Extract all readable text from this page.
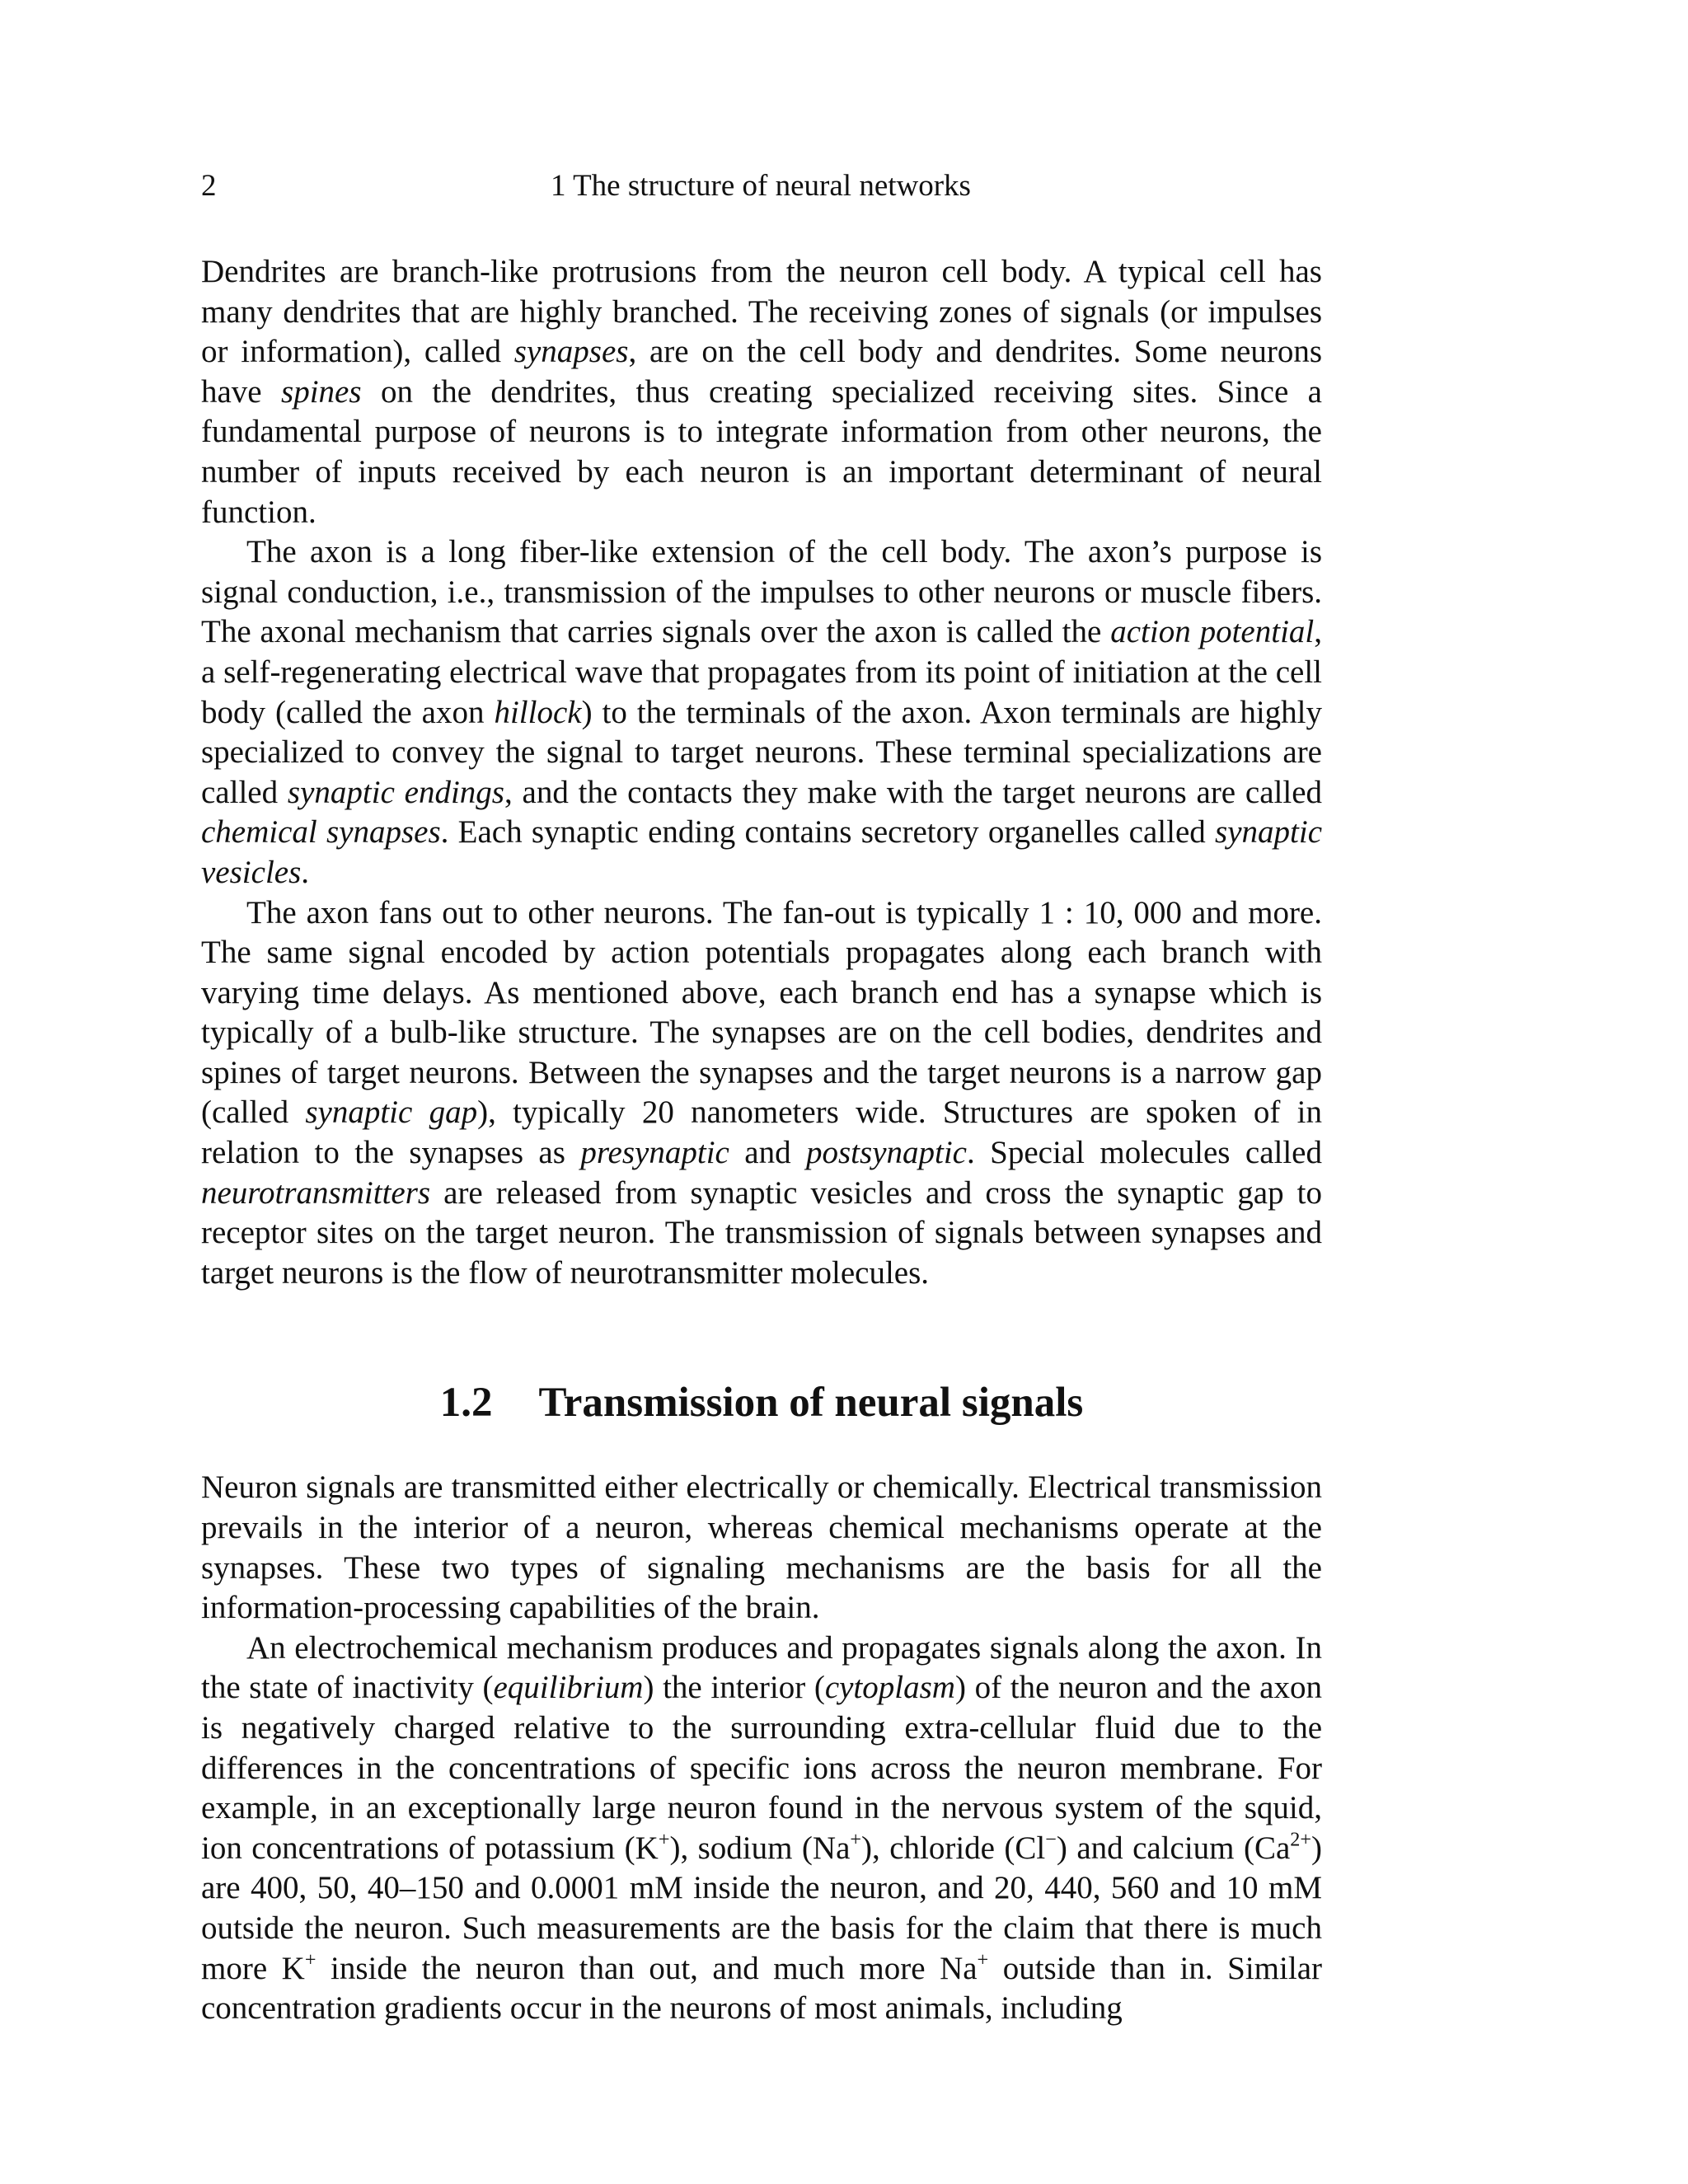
2	1 The structure of neural networks

Dendrites are branch-like protrusions from the neuron cell body. A typical cell has many dendrites that are highly branched. The receiving zones of signals (or impulses or information), called synapses, are on the cell body and dendrites. Some neurons have spines on the dendrites, thus creating specialized receiving sites. Since a fundamental purpose of neurons is to integrate information from other neurons, the number of inputs received by each neuron is an important determinant of neural function.

The axon is a long fiber-like extension of the cell body. The axon’s purpose is signal conduction, i.e., transmission of the impulses to other neurons or muscle fibers. The axonal mechanism that carries signals over the axon is called the action potential, a self-regenerating electrical wave that propagates from its point of initiation at the cell body (called the axon hillock) to the terminals of the axon. Axon terminals are highly specialized to convey the signal to target neurons. These terminal specializations are called synaptic endings, and the contacts they make with the target neurons are called chemical synapses. Each synaptic ending contains secretory organelles called synaptic vesicles.

The axon fans out to other neurons. The fan-out is typically 1 : 10, 000 and more. The same signal encoded by action potentials propagates along each branch with varying time delays. As mentioned above, each branch end has a synapse which is typically of a bulb-like structure. The synapses are on the cell bodies, dendrites and spines of target neurons. Between the synapses and the target neurons is a narrow gap (called synaptic gap), typically 20 nanometers wide. Structures are spoken of in relation to the synapses as presynaptic and postsynaptic. Special molecules called neurotransmitters are released from synaptic vesicles and cross the synaptic gap to receptor sites on the target neuron. The transmission of signals between synapses and target neurons is the flow of neurotransmitter molecules.

1.2 Transmission of neural signals

Neuron signals are transmitted either electrically or chemically. Electrical transmission prevails in the interior of a neuron, whereas chemical mechanisms operate at the synapses. These two types of signaling mechanisms are the basis for all the information-processing capabilities of the brain.

An electrochemical mechanism produces and propagates signals along the axon. In the state of inactivity (equilibrium) the interior (cytoplasm) of the neuron and the axon is negatively charged relative to the surrounding extra-cellular fluid due to the differences in the concentrations of specific ions across the neuron membrane. For example, in an exceptionally large neuron found in the nervous system of the squid, ion concentrations of potassium (K+), sodium (Na+), chloride (Cl−) and calcium $(Ca^{2+})$ are 400, 50, 40–150 and 0.0001 mM inside the neuron, and 20, 440, 560 and 10 mM outside the neuron. Such measurements are the basis for the claim that there is much more K+ inside the neuron than out, and much more Na+ outside than in. Similar concentration gradients occur in the neurons of most animals, including
